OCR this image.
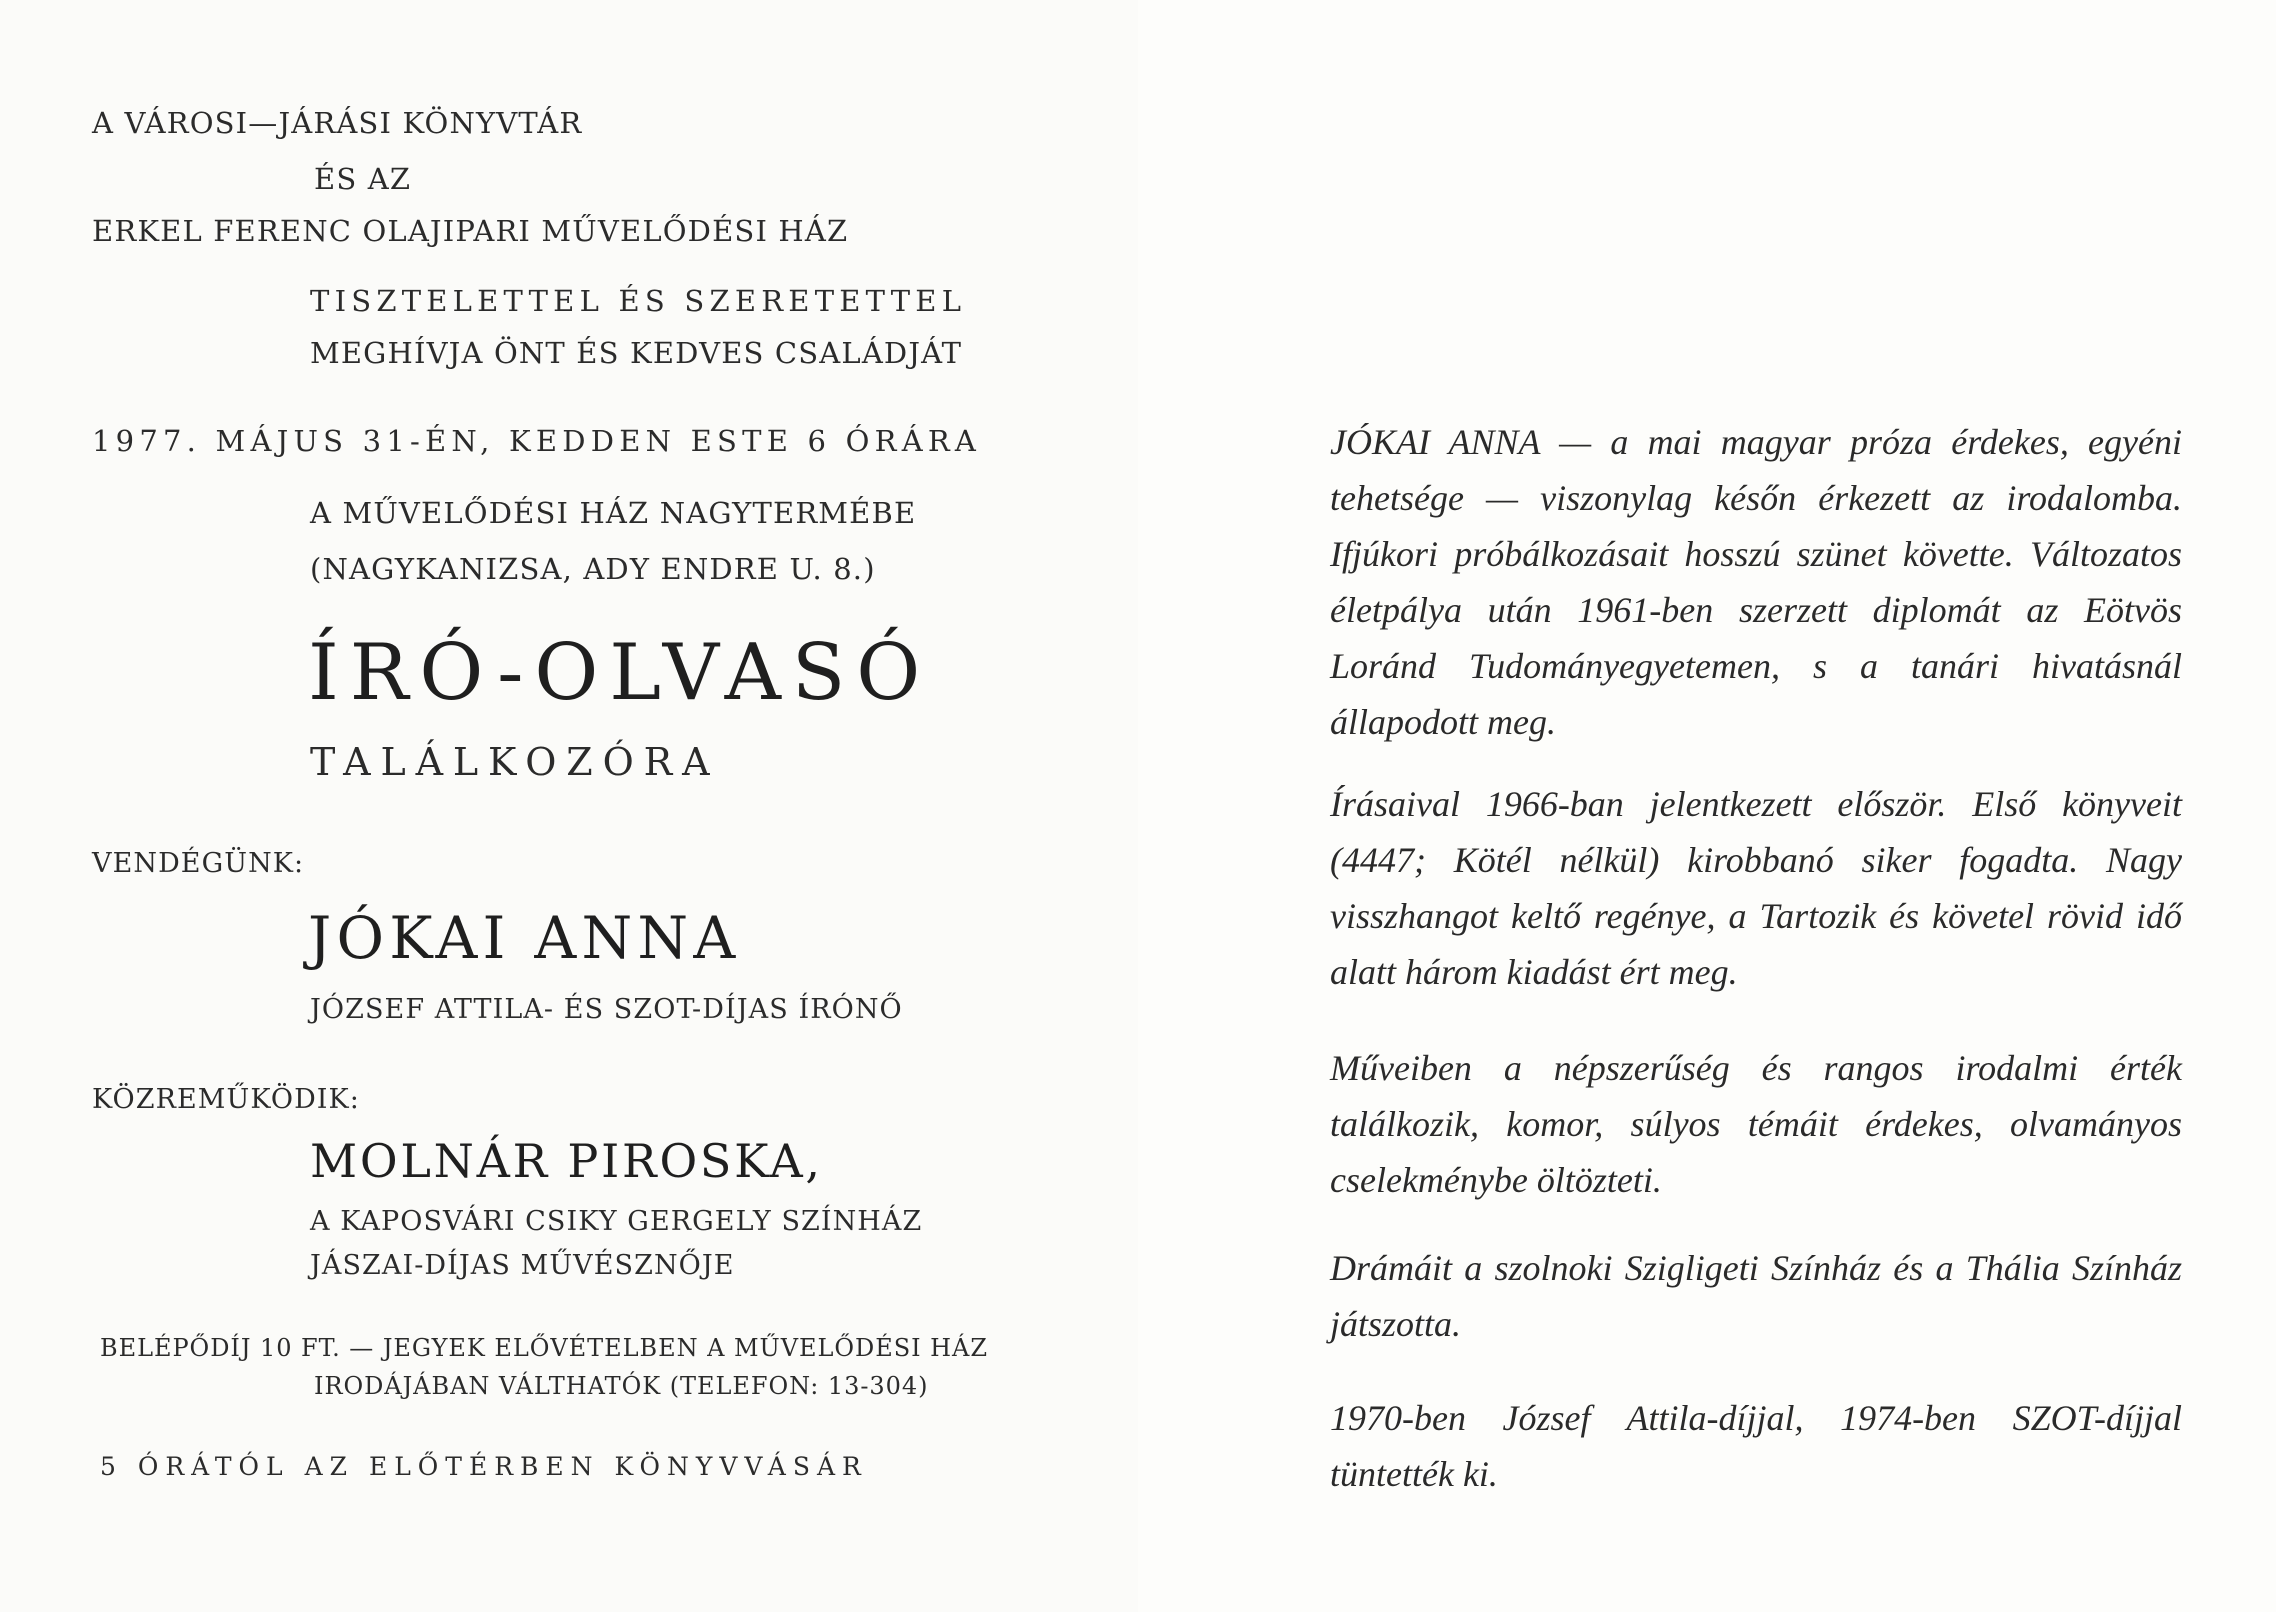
A VÁROSI—JÁRÁSI KÖNYVTÁR
ÉS AZ
ERKEL FERENC OLAJIPARI MŰVELŐDÉSI HÁZ
TISZTELETTEL ÉS SZERETETTEL
MEGHÍVJA ÖNT ÉS KEDVES CSALÁDJÁT
1977. MÁJUS 31-ÉN, KEDDEN ESTE 6 ÓRÁRA
A MŰVELŐDÉSI HÁZ NAGYTERMÉBE
(NAGYKANIZSA, ADY ENDRE U. 8.)
ÍRÓ-OLVASÓ
TALÁLKOZÓRA
VENDÉGÜNK:
JÓKAI ANNA
JÓZSEF ATTILA- ÉS SZOT-DÍJAS ÍRÓNŐ
KÖZREMŰKÖDIK:
MOLNÁR PIROSKA,
A KAPOSVÁRI CSIKY GERGELY SZÍNHÁZ
JÁSZAI-DÍJAS MŰVÉSZNŐJE
BELÉPŐDÍJ 10 FT. — JEGYEK ELŐVÉTELBEN A MŰVELŐDÉSI HÁZ
IRODÁJÁBAN VÁLTHATÓK (TELEFON: 13-304)
5 ÓRÁTÓL AZ ELŐTÉRBEN KÖNYVVÁSÁR

JÓKAI ANNA — a mai magyar próza érdekes, egyéni tehetsége — viszonylag későn érkezett az irodalomba. Ifjúkori próbálkozásait hosszú szünet követte. Változatos életpálya után 1961-ben szerzett diplomát az Eötvös Loránd Tudományegyetemen, s a tanári hivatásnál állapodott meg.

Írásaival 1966-ban jelentkezett először. Első könyveit (4447; Kötél nélkül) kirobbanó siker fogadta. Nagy visszhangot keltő regénye, a Tartozik és követel rövid idő alatt három kiadást ért meg.

Műveiben a népszerűség és rangos irodalmi érték találkozik, komor, súlyos témáit érdekes, olvamányos cselekménybe öltözteti.

Drámáit a szolnoki Szigligeti Színház és a Thália Színház játszotta.

1970-ben József Attila-díjjal, 1974-ben SZOT-díjjal tüntették ki.
